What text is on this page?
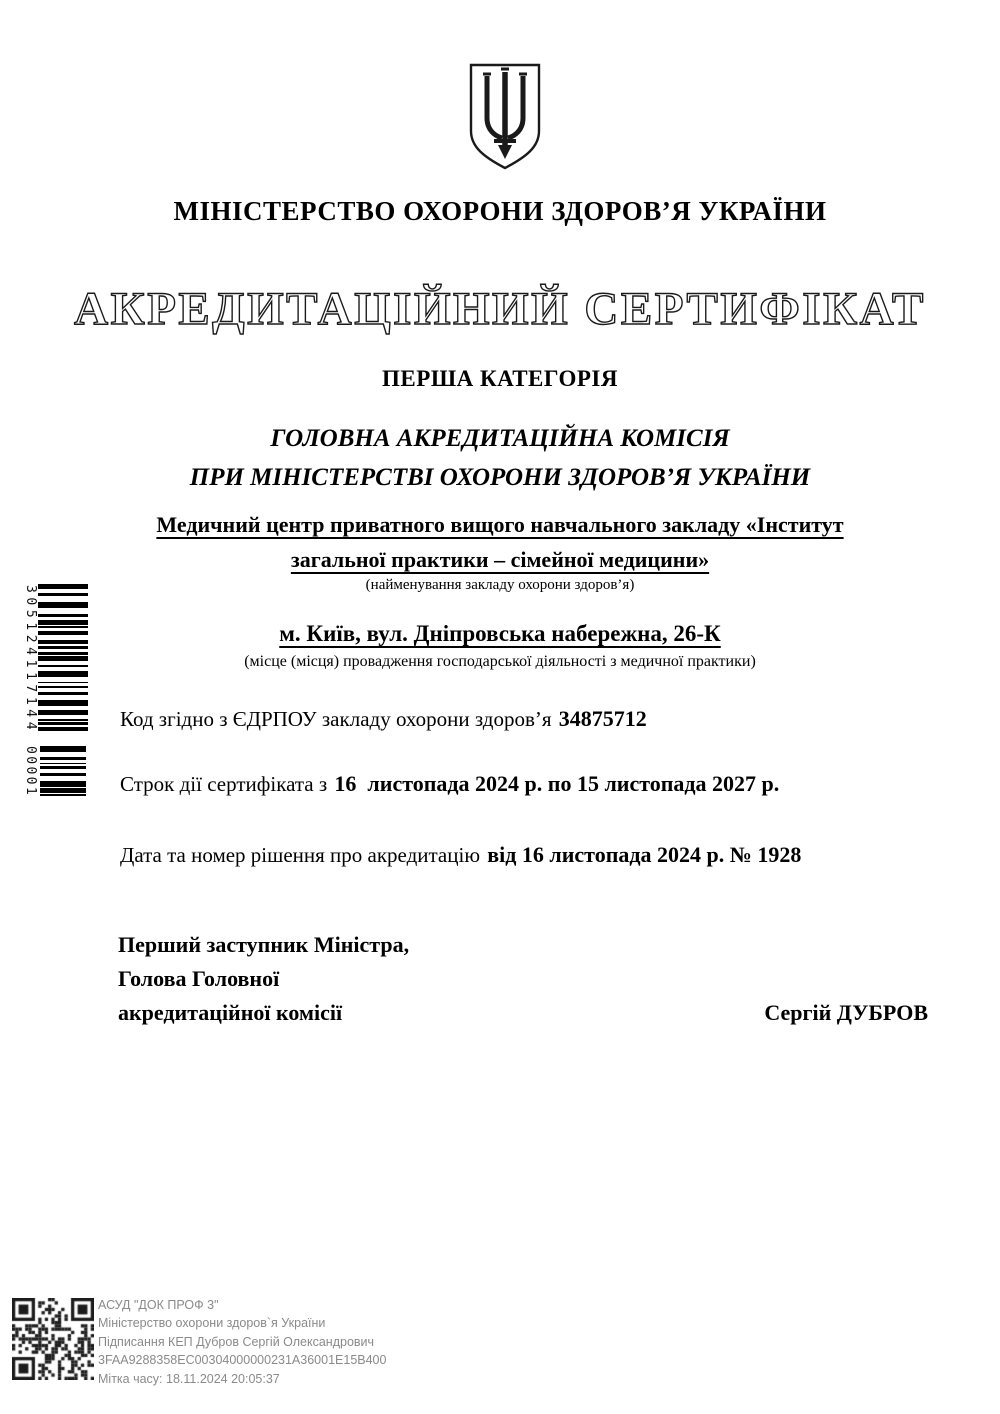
МІНІСТЕРСТВО ОХОРОНИ ЗДОРОВ’Я УКРАЇНИ
АКРЕДИТАЦІЙНИЙ СЕРТИФІКАТ
ПЕРША КАТЕГОРІЯ
ГОЛОВНА АКРЕДИТАЦІЙНА КОМІСІЯ
ПРИ МІНІСТЕРСТВІ ОХОРОНИ ЗДОРОВ’Я УКРАЇНИ
Медичний центр приватного вищого навчального закладу «Інститут
загальної практики – сімейної медицини»
(найменування закладу охорони здоров’я)
м. Київ, вул. Дніпровська набережна, 26-К
(місце (місця) провадження господарської діяльності з медичної практики)
Код згідно з ЄДРПОУ закладу охорони здоров’я 34875712
Строк дії сертифіката з 16  листопада 2024 р. по 15 листопада 2027 р.
Дата та номер рішення про акредитацію від 16 листопада 2024 р. № 1928
Перший заступник Міністра,
Голова Головної
акредитаційної комісії	Сергій ДУБРОВ
305124117144
00001
АСУД "ДОК ПРОФ 3"
Міністерство охорони здоров`я України
Підписання КЕП Дубров Сергій Олександрович
3FAA9288358EC00304000000231A36001E15B400
Мітка часу: 18.11.2024 20:05:37
